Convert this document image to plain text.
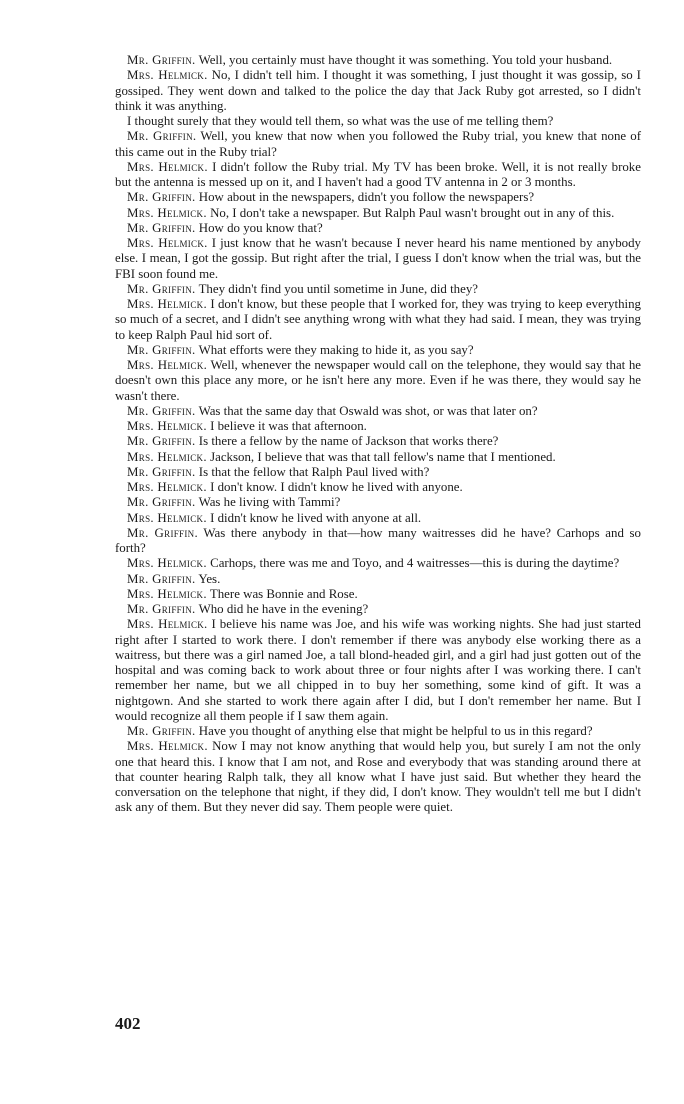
Mr. Griffin. Well, you certainly must have thought it was something. You told your husband.

Mrs. Helmick. No, I didn't tell him. I thought it was something, I just thought it was gossip, so I gossiped. They went down and talked to the police the day that Jack Ruby got arrested, so I didn't think it was anything.

I thought surely that they would tell them, so what was the use of me telling them?

Mr. Griffin. Well, you knew that now when you followed the Ruby trial, you knew that none of this came out in the Ruby trial?

Mrs. Helmick. I didn't follow the Ruby trial. My TV has been broke. Well, it is not really broke but the antenna is messed up on it, and I haven't had a good TV antenna in 2 or 3 months.

Mr. Griffin. How about in the newspapers, didn't you follow the newspapers?

Mrs. Helmick. No, I don't take a newspaper. But Ralph Paul wasn't brought out in any of this.

Mr. Griffin. How do you know that?

Mrs. Helmick. I just know that he wasn't because I never heard his name mentioned by anybody else. I mean, I got the gossip. But right after the trial, I guess I don't know when the trial was, but the FBI soon found me.

Mr. Griffin. They didn't find you until sometime in June, did they?

Mrs. Helmick. I don't know, but these people that I worked for, they was trying to keep everything so much of a secret, and I didn't see anything wrong with what they had said. I mean, they was trying to keep Ralph Paul hid sort of.

Mr. Griffin. What efforts were they making to hide it, as you say?

Mrs. Helmick. Well, whenever the newspaper would call on the telephone, they would say that he doesn't own this place any more, or he isn't here any more. Even if he was there, they would say he wasn't there.

Mr. Griffin. Was that the same day that Oswald was shot, or was that later on?

Mrs. Helmick. I believe it was that afternoon.

Mr. Griffin. Is there a fellow by the name of Jackson that works there?

Mrs. Helmick. Jackson, I believe that was that tall fellow's name that I mentioned.

Mr. Griffin. Is that the fellow that Ralph Paul lived with?

Mrs. Helmick. I don't know. I didn't know he lived with anyone.

Mr. Griffin. Was he living with Tammi?

Mrs. Helmick. I didn't know he lived with anyone at all.

Mr. Griffin. Was there anybody in that—how many waitresses did he have? Carhops and so forth?

Mrs. Helmick. Carhops, there was me and Toyo, and 4 waitresses—this is during the daytime?

Mr. Griffin. Yes.

Mrs. Helmick. There was Bonnie and Rose.

Mr. Griffin. Who did he have in the evening?

Mrs. Helmick. I believe his name was Joe, and his wife was working nights. She had just started right after I started to work there. I don't remember if there was anybody else working there as a waitress, but there was a girl named Joe, a tall blond-headed girl, and a girl had just gotten out of the hospital and was coming back to work about three or four nights after I was working there. I can't remember her name, but we all chipped in to buy her something, some kind of gift. It was a nightgown. And she started to work there again after I did, but I don't remember her name. But I would recognize all them people if I saw them again.

Mr. Griffin. Have you thought of anything else that might be helpful to us in this regard?

Mrs. Helmick. Now I may not know anything that would help you, but surely I am not the only one that heard this. I know that I am not, and Rose and everybody that was standing around there at that counter hearing Ralph talk, they all know what I have just said. But whether they heard the conversation on the telephone that night, if they did, I don't know. They wouldn't tell me but I didn't ask any of them. But they never did say. Them people were quiet.

402
